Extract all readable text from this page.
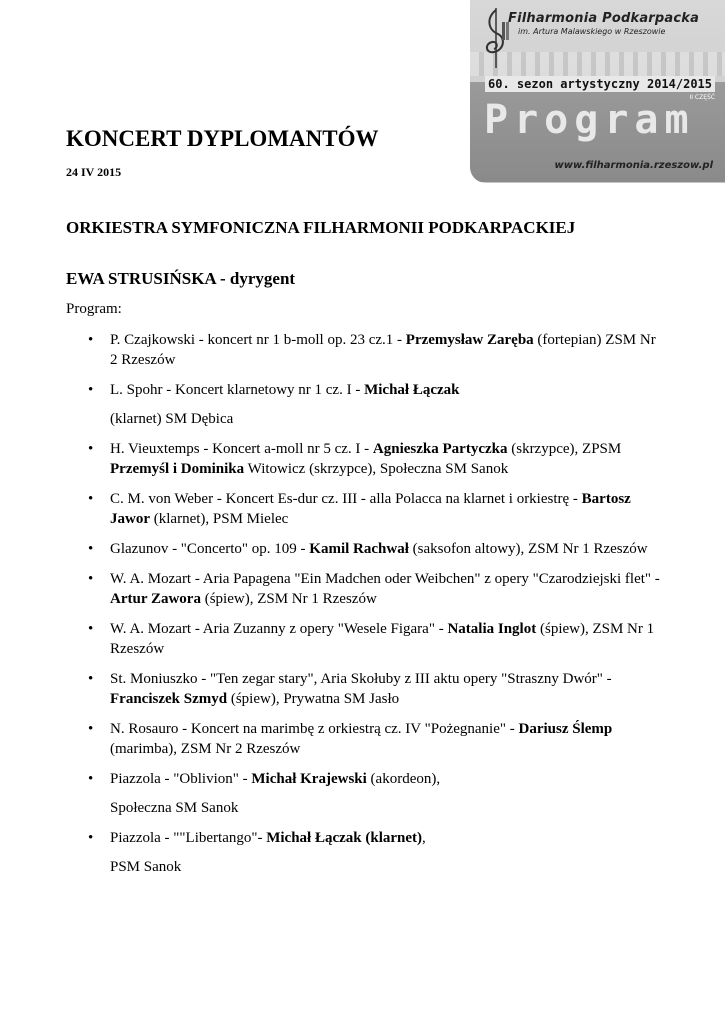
Filharmonia Podkarpacka
im. Artura Malawskiego w Rzeszowie
60. sezon artystyczny 2014/2015
II CZĘŚĆ
Program
www.filharmonia.rzeszow.pl
KONCERT DYPLOMANTÓW
24 IV 2015
ORKIESTRA SYMFONICZNA FILHARMONII PODKARPACKIEJ
EWA STRUSIŃSKA - dyrygent
Program:
• P. Czajkowski - koncert nr 1 b-moll op. 23 cz.1 - Przemysław Zaręba (fortepian) ZSM Nr 2 Rzeszów
• L. Spohr - Koncert klarnetowy nr 1 cz. I - Michał Łączak
(klarnet) SM Dębica
• H. Vieuxtemps - Koncert a-moll nr 5 cz. I - Agnieszka Partyczka (skrzypce), ZPSM Przemyśl i Dominika Witowicz (skrzypce), Społeczna SM Sanok
• C. M. von Weber - Koncert Es-dur cz. III - alla Polacca na klarnet i orkiestrę - Bartosz Jawor (klarnet), PSM Mielec
• Glazunov - "Concerto" op. 109 - Kamil Rachwał (saksofon altowy), ZSM Nr 1 Rzeszów
• W. A. Mozart - Aria Papagena "Ein Madchen oder Weibchen" z opery "Czarodziejski flet" - Artur Zawora (śpiew), ZSM Nr 1 Rzeszów
• W. A. Mozart - Aria Zuzanny z opery "Wesele Figara" - Natalia Inglot (śpiew), ZSM Nr 1 Rzeszów
• St. Moniuszko - "Ten zegar stary", Aria Skołuby z III aktu opery "Straszny Dwór" - Franciszek Szmyd (śpiew), Prywatna SM Jasło
• N. Rosauro - Koncert na marimbę z orkiestrą cz. IV "Pożegnanie" - Dariusz Ślemp (marimba), ZSM Nr 2 Rzeszów
• Piazzola - "Oblivion" - Michał Krajewski (akordeon),
Społeczna SM Sanok
• Piazzola - ""Libertango"- Michał Łączak (klarnet),
PSM Sanok
